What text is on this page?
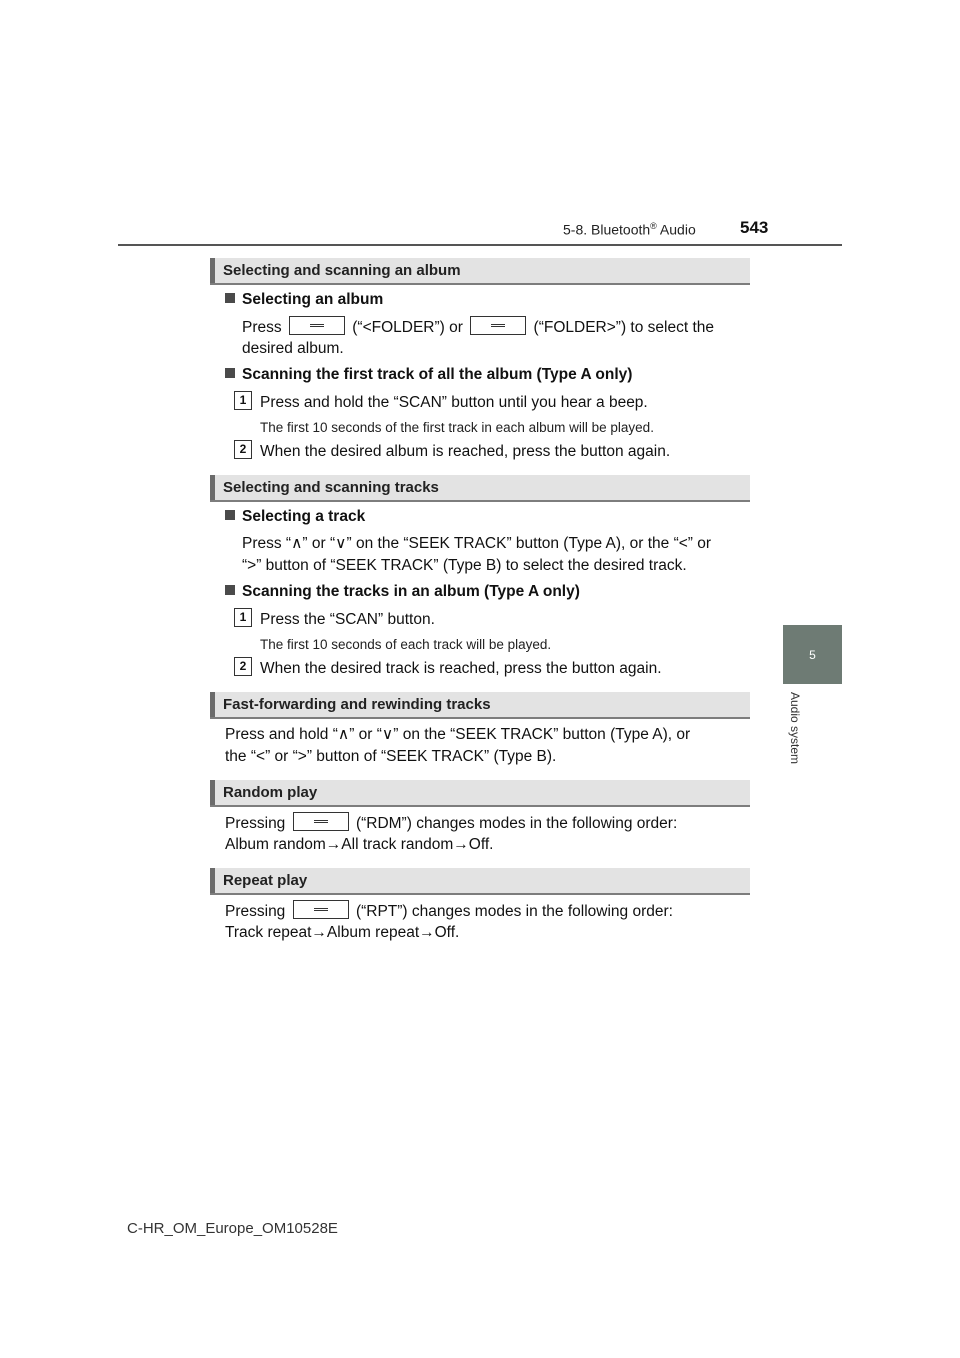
5-8. Bluetooth® Audio	543
5
Audio system
Selecting and scanning an album
Selecting an album
Press	(“<FOLDER”) or	(“FOLDER>”) to select the
desired album.
Scanning the first track of all the album (Type A only)
1 Press and hold the “SCAN” button until you hear a beep.
The first 10 seconds of the first track in each album will be played.
2 When the desired album is reached, press the button again.
Selecting and scanning tracks
Selecting a track
Press “∧” or “∨” on the “SEEK TRACK” button (Type A), or the “<” or
“>” button of “SEEK TRACK” (Type B) to select the desired track.
Scanning the tracks in an album (Type A only)
1 Press the “SCAN” button.
The first 10 seconds of each track will be played.
2 When the desired track is reached, press the button again.
Fast-forwarding and rewinding tracks
Press and hold “∧” or “∨” on the “SEEK TRACK” button (Type A), or
the “<” or “>” button of “SEEK TRACK” (Type B).
Random play
Pressing	(“RDM”) changes modes in the following order:
Album random→All track random→Off.
Repeat play
Pressing	(“RPT”) changes modes in the following order:
Track repeat→Album repeat→Off.
C-HR_OM_Europe_OM10528E
